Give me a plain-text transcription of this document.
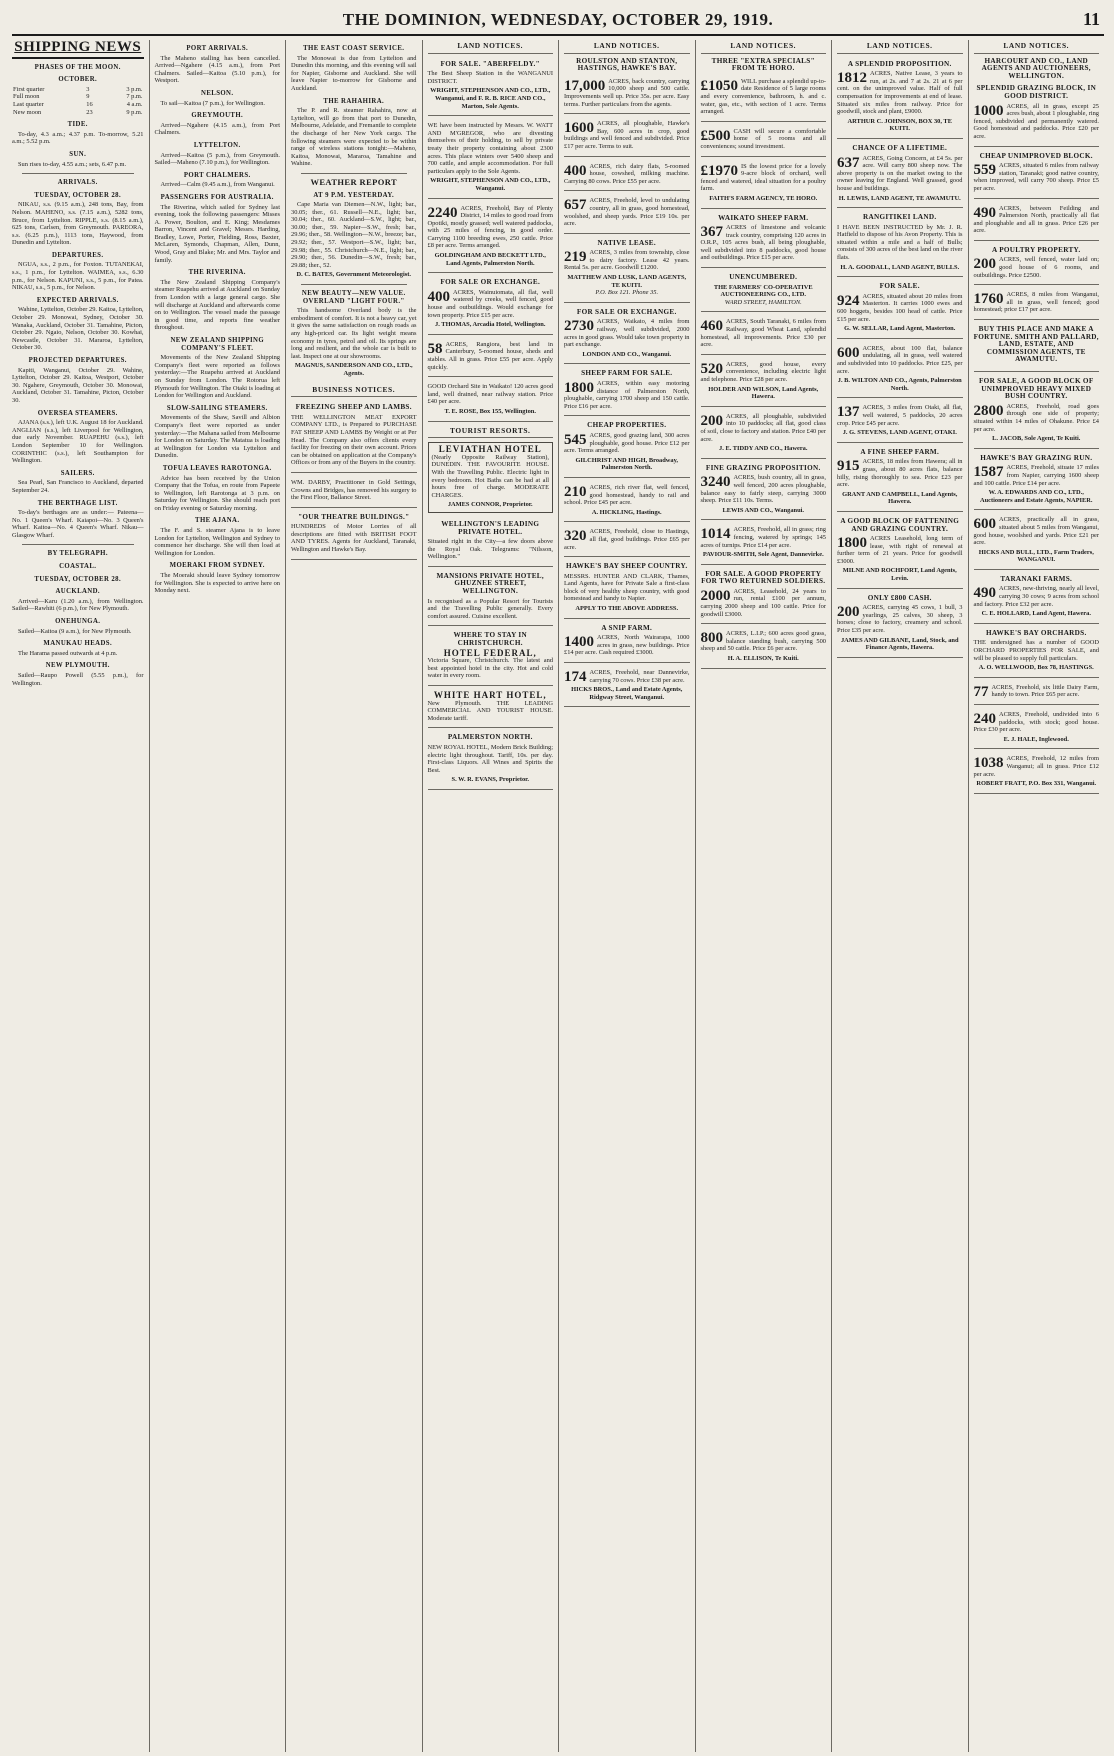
THE DOMINION, WEDNESDAY, OCTOBER 29, 1919.	11
SHIPPING NEWS
PHASES OF THE MOON.
OCTOBER.
First quarter	3	3 p.m.
Full moon	9	7 p.m.
Last quarter	16	4 a.m.
New moon	23	9 p.m.
TIDE.
To-day, 4.3 a.m.; 4.37 p.m. To-morrow, 5.21 a.m.; 5.52 p.m.
SUN.
Sun rises to-day, 4.55 a.m.; sets, 6.47 p.m.
ARRIVALS.
TUESDAY, OCTOBER 28.
NIKAU, s.s. (9.15 a.m.), 248 tons, Bay, from Nelson. MAHENO, s.s. (7.15 a.m.), 5282 tons, Bruce, from Lyttelton. RIPPLE, s.s. (8.15 a.m.), 625 tons, Carlsen, from Greymouth. PAREORA, s.s. (6.25 p.m.), 1113 tons, Haywood, from Dunedin and Lyttelton.
DEPARTURES.
NGUA, s.s., 2 p.m., for Foxton. TUTANEKAI, s.s., 1 p.m., for Lyttelton. WAIMEA, s.s., 6.30 p.m., for Nelson. KAPUNI, s.s., 5 p.m., for Patea. NIKAU, s.s., 5 p.m., for Nelson.
EXPECTED ARRIVALS.
Wahine, Lyttelton, October 29. Kaitoa, Lyttelton, October 29. Monowai, Sydney, October 30. Wanaka, Auckland, October 31. Tamahine, Picton, October 29. Ngaio, Nelson, October 30. Kowhai, Newcastle, October 31. Mararoa, Lyttelton, October 30.
PROJECTED DEPARTURES.
Kapiti, Wanganui, October 29. Wahine, Lyttelton, October 29. Kaitoa, Westport, October 30. Ngahere, Greymouth, October 30. Monowai, Auckland, October 31. Tamahine, Picton, October 30.
OVERSEA STEAMERS.
AJANA (s.s.), left U.K. August 18 for Auckland. ANGLIAN (s.s.), left Liverpool for Wellington, due early November. RUAPEHU (s.s.), left London September 10 for Wellington. CORINTHIC (s.s.), left Southampton for Wellington.
SAILERS.
Sea Pearl, San Francisco to Auckland, departed September 24.
THE BERTHAGE LIST.
To-day's berthages are as under:— Pateena—No. 1 Queen's Wharf. Kaiapoi—No. 3 Queen's Wharf. Kaitoa—No. 4 Queen's Wharf. Nikau—Glasgow Wharf.
BY TELEGRAPH.
COASTAL.
TUESDAY, OCTOBER 28.
AUCKLAND.
Arrived—Karu (1.20 a.m.), from Wellington. Sailed—Rawhiti (6 p.m.), for New Plymouth.
ONEHUNGA.
Sailed—Kaitoa (9 a.m.), for New Plymouth.
MANUKAU HEADS.
The Harama passed outwards at 4 p.m.
NEW PLYMOUTH.
Sailed—Raupo Powell (5.55 p.m.), for Wellington.
PORT ARRIVALS.
The Maheno stalling has been cancelled. Arrived—Ngahere (4.15 a.m.), from Port Chalmers. Sailed—Kaitoa (5.10 p.m.), for Westport.
NELSON.
To sail—Kaitoa (7 p.m.), for Wellington.
GREYMOUTH.
Arrived—Ngahere (4.15 a.m.), from Port Chalmers.
LYTTELTON.
Arrived—Kaitoa (5 p.m.), from Greymouth. Sailed—Maheno (7.10 p.m.), for Wellington.
PORT CHALMERS.
Arrived—Calm (9.45 a.m.), from Wanganui.
PASSENGERS FOR AUSTRALIA.
The Riverina, which sailed for Sydney last evening, took the following passengers: Misses A. Power, Boulton, and E. King; Mesdames Barron, Vincent and Gravel; Messrs. Harding, Bradley, Lowe, Porter, Fielding, Ross, Baxter, McLaren, Symonds, Chapman, Allen, Dunn, Wood, Gray and Blake; Mr. and Mrs. Taylor and family.
THE RIVERINA.
The New Zealand Shipping Company's steamer Ruapehu arrived at Auckland on Sunday from London with a large general cargo. She will discharge at Auckland and afterwards come on to Wellington. The vessel made the passage in good time, and reports fine weather throughout.
NEW ZEALAND SHIPPING COMPANY'S FLEET.
Movements of the New Zealand Shipping Company's fleet were reported as follows yesterday:—The Ruapehu arrived at Auckland on Sunday from London. The Rotorua left Plymouth for Wellington. The Otaki is loading at London for Wellington and Auckland.
SLOW-SAILING STEAMERS.
Movements of the Shaw, Savill and Albion Company's fleet were reported as under yesterday:—The Mahana sailed from Melbourne for London on Saturday. The Matatua is loading at Wellington for London via Lyttelton and Dunedin.
TOFUA LEAVES RAROTONGA.
Advice has been received by the Union Company that the Tofua, en route from Papeete to Wellington, left Rarotonga at 3 p.m. on Saturday for Wellington. She should reach port on Friday evening or Saturday morning.
THE AJANA.
The F. and S. steamer Ajana is to leave London for Lyttelton, Wellington and Sydney to commence her discharge. She will then load at Wellington for London.
MOERAKI FROM SYDNEY.
The Moeraki should leave Sydney tomorrow for Wellington. She is expected to arrive here on Monday next.
THE EAST COAST SERVICE.
The Monowai is due from Lyttelton and Dunedin this morning, and this evening will sail for Napier, Gisborne and Auckland. She will leave Napier to-morrow for Gisborne and Auckland.
THE RAHAHIRA.
The P. and R. steamer Rahahira, now at Lyttelton, will go from that port to Dunedin, Melbourne, Adelaide, and Fremantle to complete the discharge of her New York cargo. The following steamers were expected to be within range of wireless stations tonight:—Maheno, Kaitoa, Monowai, Mararoa, Tamahine and Wahine.
WEATHER REPORT
AT 9 P.M. YESTERDAY.
Cape Maria van Diemen—N.W., light; bar., 30.05; ther., 61. Russell—N.E., light; bar., 30.04; ther., 60. Auckland—S.W., light; bar., 30.00; ther., 59. Napier—S.W., fresh; bar., 29.96; ther., 58. Wellington—N.W., breeze; bar., 29.92; ther., 57. Westport—S.W., light; bar., 29.98; ther., 55. Christchurch—N.E., light; bar., 29.90; ther., 56. Dunedin—S.W., fresh; bar., 29.88; ther., 52.
D. C. BATES, Government Meteorologist.
NEW BEAUTY—NEW VALUE. OVERLAND "LIGHT FOUR."
This handsome Overland body is the embodiment of comfort. It is not a heavy car, yet it gives the same satisfaction on rough roads as any high-priced car. Its light weight means economy in tyres, petrol and oil. Its springs are long and resilient, and the whole car is built to last. Inspect one at our showrooms.
MAGNUS, SANDERSON AND CO., LTD., Agents.
BUSINESS NOTICES.
FREEZING SHEEP AND LAMBS.
THE WELLINGTON MEAT EXPORT COMPANY LTD., is Prepared to PURCHASE FAT SHEEP AND LAMBS By Weight or at Per Head. The Company also offers clients every facility for freezing on their own account. Prices can be obtained on application at the Company's Offices or from any of the Buyers in the country.
WM. DARBY, Practitioner in Gold Settings, Crowns and Bridges, has removed his surgery to the First Floor, Ballance Street.
"OUR THEATRE BUILDINGS."
HUNDREDS of Motor Lorries of all descriptions are fitted with BRITISH FOOT AND TYRES. Agents for Auckland, Taranaki, Wellington and Hawke's Bay.
LAND NOTICES.
FOR SALE. "ABERFELDY."
The Best Sheep Station in the WANGANUI DISTRICT.
WRIGHT, STEPHENSON AND CO., LTD., Wanganui, and F. R. B. RICE AND CO., Marton, Sole Agents.
WE have been instructed by Messrs. W. WATT AND M'GREGOR, who are divesting themselves of their holding, to sell by private treaty their property containing about 2300 acres. This place winters over 5400 sheep and 700 cattle, and ample accommodation. For full particulars apply to the Sole Agents.
WRIGHT, STEPHENSON AND CO., LTD., Wanganui.
2240 ACRES, Freehold, Bay of Plenty District, 14 miles to good road from Opotiki, mostly grassed; well watered paddocks, with 25 miles of fencing, in good order. Carrying 1100 breeding ewes, 250 cattle. Price £8 per acre. Terms arranged.
GOLDINGHAM AND BECKETT LTD., Land Agents, Palmerston North.
FOR SALE OR EXCHANGE.
400 ACRES, Wainuiomata, all flat, well watered by creeks, well fenced, good house and outbuildings. Would exchange for town property. Price £15 per acre.
J. THOMAS, Arcadia Hotel, Wellington.
58 ACRES, Rangiora, best land in Canterbury, 5-roomed house, sheds and stables. All in grass. Price £55 per acre. Apply quickly.
GOOD Orchard Site in Waikato! 120 acres good land, well drained, near railway station. Price £40 per acre.
T. E. ROSE, Box 155, Wellington.
TOURIST RESORTS.
LEVIATHAN HOTEL
(Nearly Opposite Railway Station), DUNEDIN. THE FAVOURITE HOUSE. With the Travelling Public. Electric light in every bedroom. Hot Baths can be had at all hours free of charge. MODERATE CHARGES.
JAMES CONNOR, Proprietor.
WELLINGTON'S LEADING PRIVATE HOTEL.
Situated right in the City—a few doors above the Royal Oak. Telegrams: "Nilsson, Wellington."
MANSIONS PRIVATE HOTEL, GHUZNEE STREET, WELLINGTON.
Is recognised as a Popular Resort for Tourists and the Travelling Public generally. Every comfort assured. Cuisine excellent.
WHERE TO STAY IN CHRISTCHURCH.
HOTEL FEDERAL,
Victoria Square, Christchurch. The latest and best appointed hotel in the city. Hot and cold water in every room.
WHITE HART HOTEL,
New Plymouth. THE LEADING COMMERCIAL AND TOURIST HOUSE. Moderate tariff.
PALMERSTON NORTH.
NEW ROYAL HOTEL, Modern Brick Building; electric light throughout. Tariff, 10s. per day. First-class Liquors. All Wines and Spirits the Best.
S. W. R. EVANS, Proprietor.
LAND NOTICES.
ROULSTON AND STANTON, HASTINGS, HAWKE'S BAY.
17,000 ACRES, back country, carrying 10,000 sheep and 500 cattle. Improvements well up. Price 35s. per acre. Easy terms. Further particulars from the agents.
1600 ACRES, all ploughable, Hawke's Bay, 600 acres in crop, good buildings and well fenced and subdivided. Price £17 per acre. Terms to suit.
400 ACRES, rich dairy flats, 5-roomed house, cowshed, milking machine. Carrying 80 cows. Price £55 per acre.
657 ACRES, Freehold, level to undulating country, all in grass, good homestead, woolshed, and sheep yards. Price £19 10s. per acre.
NATIVE LEASE.
219 ACRES, 3 miles from township, close to dairy factory. Lease 42 years. Rental 5s. per acre. Goodwill £1200.
MATTHEW AND LUSK, LAND AGENTS, TE KUITI.
P.O. Box 121. Phone 35.
FOR SALE OR EXCHANGE.
2730 ACRES, Waikato, 4 miles from railway, well subdivided, 2000 acres in good grass. Would take town property in part exchange.
LONDON AND CO., Wanganui.
SHEEP FARM FOR SALE.
1800 ACRES, within easy motoring distance of Palmerston North, ploughable, carrying 1700 sheep and 150 cattle. Price £16 per acre.
CHEAP PROPERTIES.
545 ACRES, good grazing land, 300 acres ploughable, good house. Price £12 per acre. Terms arranged.
GILCHRIST AND HIGH, Broadway, Palmerston North.
210 ACRES, rich river flat, well fenced, good homestead, handy to rail and school. Price £45 per acre.
A. HICKLING, Hastings.
320 ACRES, Freehold, close to Hastings, all flat, good buildings. Price £65 per acre.
HAWKE'S BAY SHEEP COUNTRY.
MESSRS. HUNTER AND CLARK, Thames, Land Agents, have for Private Sale a first-class block of very healthy sheep country, with good homestead and handy to Napier.
APPLY TO THE ABOVE ADDRESS.
A SNIP FARM.
1400 ACRES, North Wairarapa, 1000 acres in grass, new buildings. Price £14 per acre. Cash required £3000.
174 ACRES, Freehold, near Dannevirke, carrying 70 cows. Price £38 per acre.
HICKS BROS., Land and Estate Agents, Ridgway Street, Wanganui.
LAND NOTICES.
THREE "EXTRA SPECIALS" FROM TE HORO.
£1050 WILL purchase a splendid up-to-date Residence of 5 large rooms and every convenience, bathroom, h. and c. water, gas, etc., with section of 1 acre. Terms arranged.
£500 CASH will secure a comfortable home of 5 rooms and all conveniences; sound investment.
£1970 IS the lowest price for a lovely 9-acre block of orchard, well fenced and watered, ideal situation for a poultry farm.
FAITH'S FARM AGENCY, TE HORO.
WAIKATO SHEEP FARM.
367 ACRES of limestone and volcanic track country, comprising 120 acres in O.R.P., 105 acres bush, all being ploughable, well subdivided into 8 paddocks, good house and outbuildings. Price £15 per acre.
UNENCUMBERED.
THE FARMERS' CO-OPERATIVE AUCTIONEERING CO., LTD.
WARD STREET, HAMILTON.
460 ACRES, South Taranaki, 6 miles from Railway, good Wheat Land, splendid homestead, all improvements. Price £30 per acre.
520 ACRES, good house, every convenience, including electric light and telephone. Price £28 per acre.
HOLDER AND WILSON, Land Agents, Hawera.
200 ACRES, all ploughable, subdivided into 10 paddocks; all flat, good class of soil, close to factory and station. Price £40 per acre.
J. E. TIDDY AND CO., Hawera.
FINE GRAZING PROPOSITION.
3240 ACRES, bush country, all in grass, well fenced, 200 acres ploughable, balance easy to fairly steep, carrying 3000 sheep. Price £11 10s. Terms.
LEWIS AND CO., Wanganui.
1014 ACRES, Freehold, all in grass; ring fencing, watered by springs; 145 acres of turnips. Price £14 per acre.
PAVIOUR-SMITH, Sole Agent, Dannevirke.
FOR SALE. A GOOD PROPERTY FOR TWO RETURNED SOLDIERS.
2000 ACRES, Leasehold, 24 years to run, rental £100 per annum, carrying 2000 sheep and 100 cattle. Price for goodwill £3000.
800 ACRES, L.I.P.; 600 acres good grass, balance standing bush, carrying 500 sheep and 50 cattle. Price £6 per acre.
H. A. ELLISON, Te Kuiti.
LAND NOTICES.
A SPLENDID PROPOSITION.
1812 ACRES, Native Lease, 3 years to run, at 2s. and 7 at 2s. 21 at 6 per cent. on the unimproved value. Half of full compensation for improvements at end of lease. Situated six miles from railway. Price for goodwill, stock and plant, £9000.
ARTHUR C. JOHNSON, BOX 30, TE KUITI.
CHANCE OF A LIFETIME.
637 ACRES, Going Concern, at £4 5s. per acre. Will carry 800 sheep now. The above property is on the market owing to the owner leaving for England. Well grassed, good house and buildings.
H. LEWIS, LAND AGENT, TE AWAMUTU.
RANGITIKEI LAND.
I HAVE BEEN INSTRUCTED by Mr. J. R. Hatfield to dispose of his Avon Property. This is situated within a mile and a half of Bulls; consists of 300 acres of the best land on the river flats.
H. A. GOODALL, LAND AGENT, BULLS.
FOR SALE.
924 ACRES, situated about 20 miles from Masterton. It carries 1000 ewes and 600 hoggets, besides 100 head of cattle. Price £15 per acre.
G. W. SELLAR, Land Agent, Masterton.
600 ACRES, about 100 flat, balance undulating, all in grass, well watered and subdivided into 10 paddocks. Price £25, per acre.
J. B. WILTON AND CO., Agents, Palmerston North.
137 ACRES, 3 miles from Otaki, all flat, well watered, 5 paddocks, 20 acres crop. Price £45 per acre.
J. G. STEVENS, LAND AGENT, OTAKI.
A FINE SHEEP FARM.
915 ACRES, 18 miles from Hawera; all in grass, about 80 acres flats, balance hilly, rising thoroughly to sea. Price £23 per acre.
GRANT AND CAMPBELL, Land Agents, Hawera.
A GOOD BLOCK OF FATTENING AND GRAZING COUNTRY.
1800 ACRES Leasehold, long term of lease, with right of renewal at further term of 21 years. Price for goodwill £3000.
MILNE AND ROCHFORT, Land Agents, Levin.
ONLY £800 CASH.
200 ACRES, carrying 45 cows, 1 bull, 3 yearlings, 25 calves, 30 sheep, 3 horses; close to factory, creamery and school. Price £35 per acre.
JAMES AND GILBANE, Land, Stock, and Finance Agents, Hawera.
LAND NOTICES.
HARCOURT AND CO., LAND AGENTS AND AUCTIONEERS, WELLINGTON.
SPLENDID GRAZING BLOCK, IN GOOD DISTRICT.
1000 ACRES, all in grass, except 25 acres bush, about 1 ploughable, ring fenced, subdivided and permanently watered. Good homestead and paddocks. Price £20 per acre.
CHEAP UNIMPROVED BLOCK.
559 ACRES, situated 6 miles from railway station, Taranaki; good native country, when improved, will carry 700 sheep. Price £5 per acre.
490 ACRES, between Feilding and Palmerston North, practically all flat and ploughable and all in grass. Price £26 per acre.
A POULTRY PROPERTY.
200 ACRES, well fenced, water laid on; good house of 6 rooms, and outbuildings. Price £2500.
1760 ACRES, 8 miles from Wanganui, all in grass, well fenced; good homestead; price £17 per acre.
BUY THIS PLACE AND MAKE A FORTUNE. SMITH AND PALLARD, LAND, ESTATE, AND COMMISSION AGENTS, TE AWAMUTU.
FOR SALE, A GOOD BLOCK OF UNIMPROVED HEAVY MIXED BUSH COUNTRY.
2800 ACRES, Freehold, road goes through one side of property; situated within 14 miles of Ohakune. Price £4 per acre.
L. JACOB, Sole Agent, Te Kuiti.
HAWKE'S BAY GRAZING RUN.
1587 ACRES, Freehold, situate 17 miles from Napier, carrying 1600 sheep and 100 cattle. Price £14 per acre.
W. A. EDWARDS AND CO., LTD., Auctioneers and Estate Agents, NAPIER.
600 ACRES, practically all in grass, situated about 5 miles from Wanganui, good house, woolshed and yards. Price £21 per acre.
HICKS AND BULL, LTD., Farm Traders, WANGANUI.
TARANAKI FARMS.
490 ACRES, new-thriving, nearly all level, carrying 30 cows; 9 acres from school and factory. Price £32 per acre.
C. E. HOLLARD, Land Agent, Hawera.
HAWKE'S BAY ORCHARDS.
THE undersigned has a number of GOOD ORCHARD PROPERTIES FOR SALE, and will be pleased to supply full particulars.
A. O. WELLWOOD, Box 78, HASTINGS.
77 ACRES, Freehold, six little Dairy Farm, handy to town. Price £65 per acre.
240 ACRES, Freehold, undivided into 6 paddocks, with stock; good house. Price £30 per acre.
E. J. HALE, Inglewood.
1038 ACRES, Freehold, 12 miles from Wanganui; all in grass. Price £12 per acre.
ROBERT FRATT, P.O. Box 331, Wanganui.
